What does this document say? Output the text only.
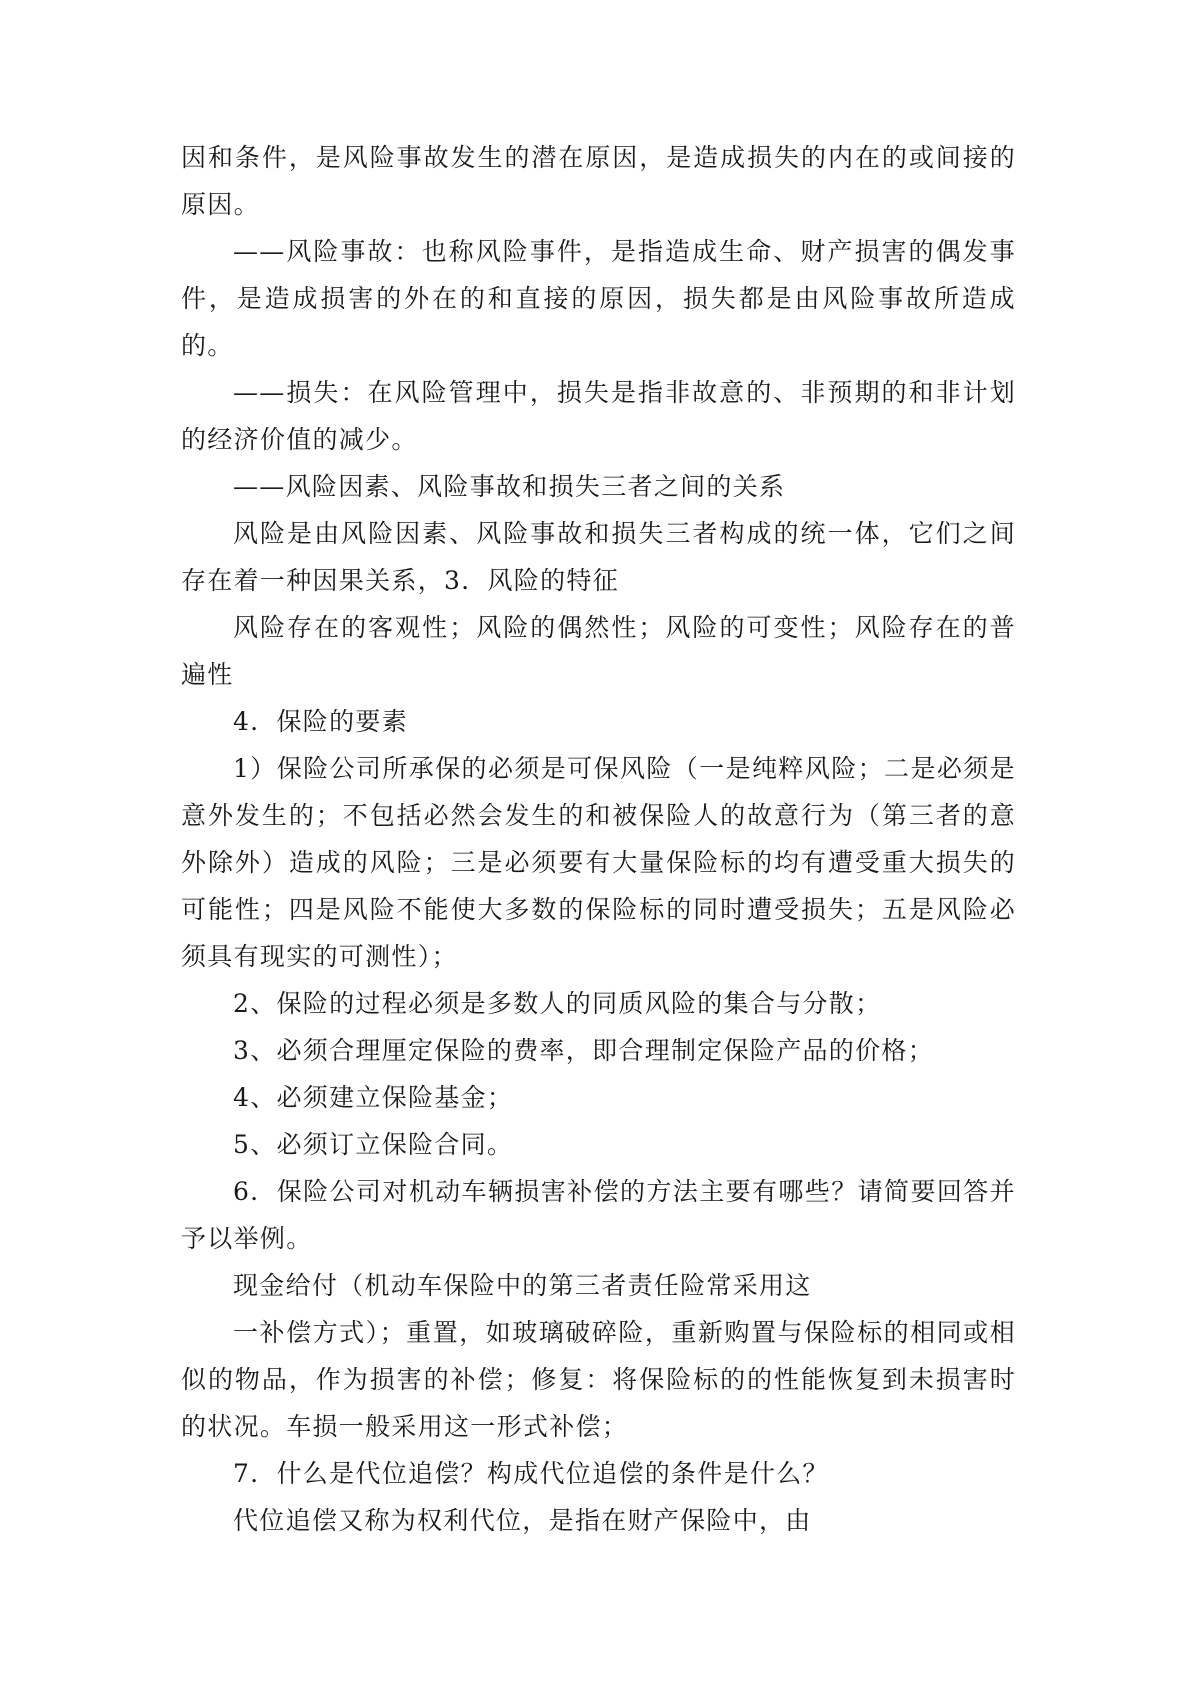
因和条件，是风险事故发生的潜在原因，是造成损失的内在的或间接的原因。

——风险事故：也称风险事件，是指造成生命、财产损害的偶发事件，是造成损害的外在的和直接的原因，损失都是由风险事故所造成的。

——损失：在风险管理中，损失是指非故意的、非预期的和非计划的经济价值的减少。

——风险因素、风险事故和损失三者之间的关系

风险是由风险因素、风险事故和损失三者构成的统一体，它们之间存在着一种因果关系，3．风险的特征

风险存在的客观性；风险的偶然性；风险的可变性；风险存在的普遍性

4．保险的要素

1）保险公司所承保的必须是可保风险（一是纯粹风险；二是必须是意外发生的；不包括必然会发生的和被保险人的故意行为（第三者的意外除外）造成的风险；三是必须要有大量保险标的均有遭受重大损失的可能性；四是风险不能使大多数的保险标的同时遭受损失；五是风险必须具有现实的可测性）；

2、保险的过程必须是多数人的同质风险的集合与分散；

3、必须合理厘定保险的费率，即合理制定保险产品的价格；

4、必须建立保险基金；

5、必须订立保险合同。

6．保险公司对机动车辆损害补偿的方法主要有哪些？请简要回答并予以举例。

现金给付（机动车保险中的第三者责任险常采用这

一补偿方式）；重置，如玻璃破碎险，重新购置与保险标的相同或相似的物品，作为损害的补偿；修复：将保险标的的性能恢复到未损害时的状况。车损一般采用这一形式补偿；

7．什么是代位追偿？构成代位追偿的条件是什么？

代位追偿又称为权利代位，是指在财产保险中，由
